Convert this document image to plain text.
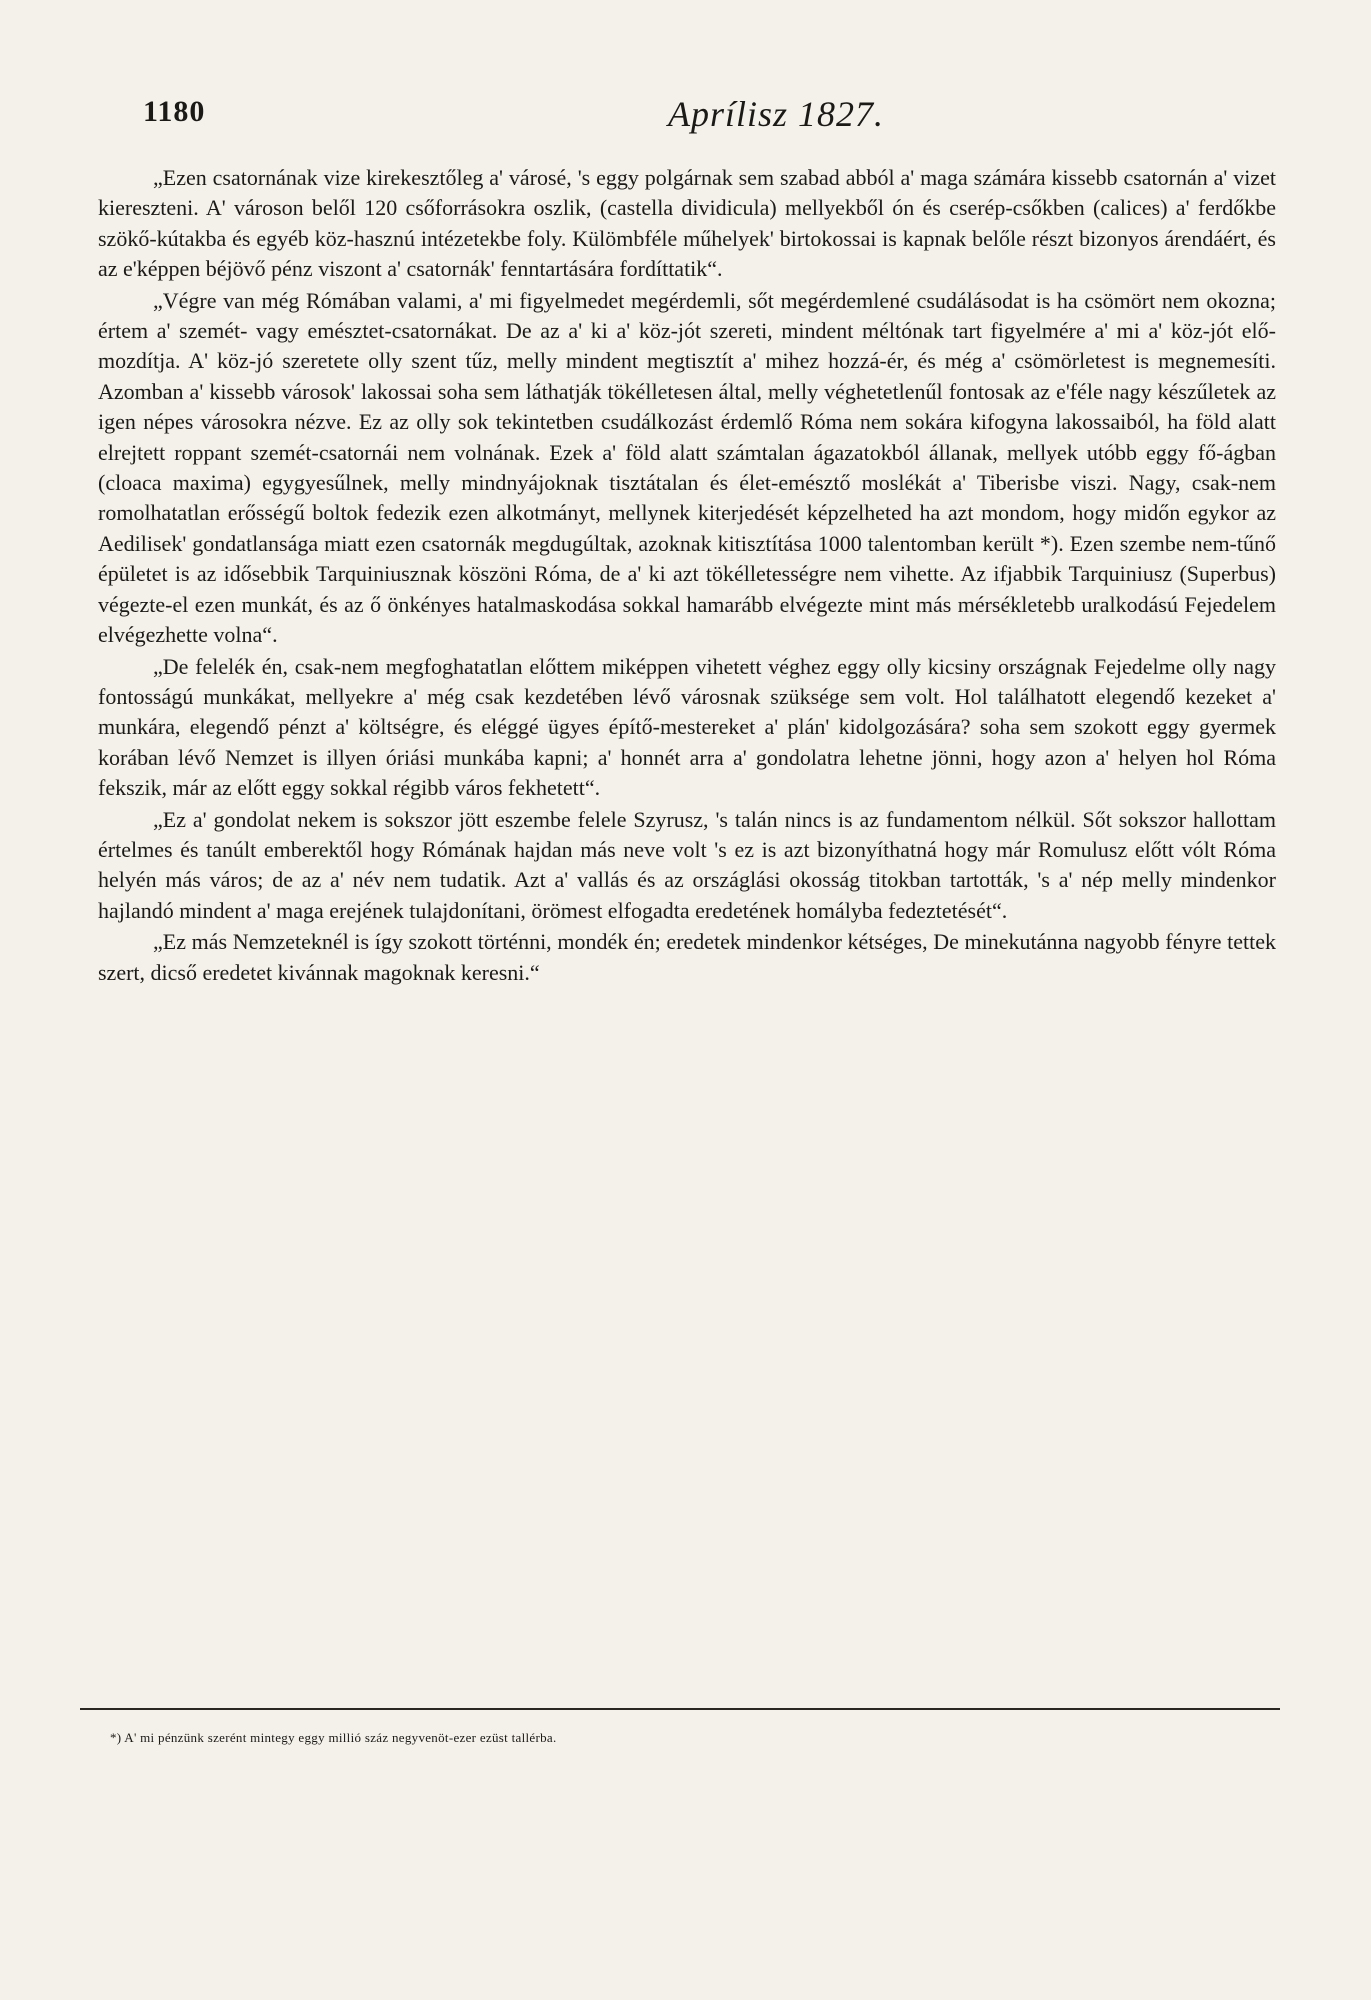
1180	Aprílisz 1827.

„Ezen csatornának vize kirekesztőleg a' városé, 's eggy polgárnak sem szabad abból a' maga számára kissebb csatornán a' vizet kiereszteni. A' városon belől 120 csőforrásokra oszlik, (castella dividicula) mellyekből ón és cserép-csőkben (calices) a' ferdőkbe szökő-kútakba és egyéb köz-hasznú intézetekbe foly. Külömbféle műhelyek' birtokossai is kapnak belőle részt bizonyos árendáért, és az e'képpen béjövő pénz viszont a' csatornák' fenntartására fordíttatik“.

„Végre van még Rómában valami, a' mi figyelmedet megérdemli, sőt megérdemlené csudálásodat is ha csömört nem okozna; értem a' szemét- vagy emésztet-csatornákat. De az a' ki a' köz-jót szereti, mindent méltónak tart figyelmére a' mi a' köz-jót elő-mozdítja. A' köz-jó szeretete olly szent tűz, melly mindent megtisztít a' mihez hozzá-ér, és még a' csömörletest is megnemesíti. Azomban a' kissebb városok' lakossai soha sem láthatják tökélletesen által, melly véghetetlenűl fontosak az e'féle nagy készűletek az igen népes városokra nézve. Ez az olly sok tekintetben csudálkozást érdemlő Róma nem sokára kifogyna lakossaiból, ha föld alatt elrejtett roppant szemét-csatornái nem volnának. Ezek a' föld alatt számtalan ágazatokból állanak, mellyek utóbb eggy fő-ágban (cloaca maxima) egygyesűlnek, melly mindnyájoknak tisztátalan és élet-emésztő moslékát a' Tiberisbe viszi. Nagy, csak-nem romolhatatlan erősségű boltok fedezik ezen alkotmányt, mellynek kiterjedését képzelheted ha azt mondom, hogy midőn egykor az Aedilisek' gondatlansága miatt ezen csatornák megdugúltak, azoknak kitisztítása 1000 talentomban került *). Ezen szembe nem-tűnő épületet is az idősebbik Tarquiniusznak köszöni Róma, de a' ki azt tökélletességre nem vihette. Az ifjabbik Tarquiniusz (Superbus) végezte-el ezen munkát, és az ő önkényes hatalmaskodása sokkal hamarább elvégezte mint más mérsékletebb uralkodású Fejedelem elvégezhette volna“.

„De felelék én, csak-nem megfoghatatlan előttem miképpen vihetett véghez eggy olly kicsiny országnak Fejedelme olly nagy fontosságú munkákat, mellyekre a' még csak kezdetében lévő városnak szüksége sem volt. Hol találhatott elegendő kezeket a' munkára, elegendő pénzt a' költségre, és eléggé ügyes építő-mestereket a' plán' kidolgozására? soha sem szokott eggy gyermek korában lévő Nemzet is illyen óriási munkába kapni; a' honnét arra a' gondolatra lehetne jönni, hogy azon a' helyen hol Róma fekszik, már az előtt eggy sokkal régibb város fekhetett“.

„Ez a' gondolat nekem is sokszor jött eszembe felele Szyrusz, 's talán nincs is az fundamentom nélkül. Sőt sokszor hallottam értelmes és tanúlt emberektől hogy Rómának hajdan más neve volt 's ez is azt bizonyíthatná hogy már Romulusz előtt vólt Róma helyén más város; de az a' név nem tudatik. Azt a' vallás és az országlási okosság titokban tartották, 's a' nép melly mindenkor hajlandó mindent a' maga erejének tulajdonítani, örömest elfogadta eredetének homályba fedeztetését“.

„Ez más Nemzeteknél is így szokott történni, mondék én; eredetek mindenkor kétséges, De minekutánna nagyobb fényre tettek szert, dicső eredetet kivánnak magoknak keresni.“

*) A' mi pénzünk szerént mintegy eggy millió száz negyvenöt-ezer ezüst tallérba.
